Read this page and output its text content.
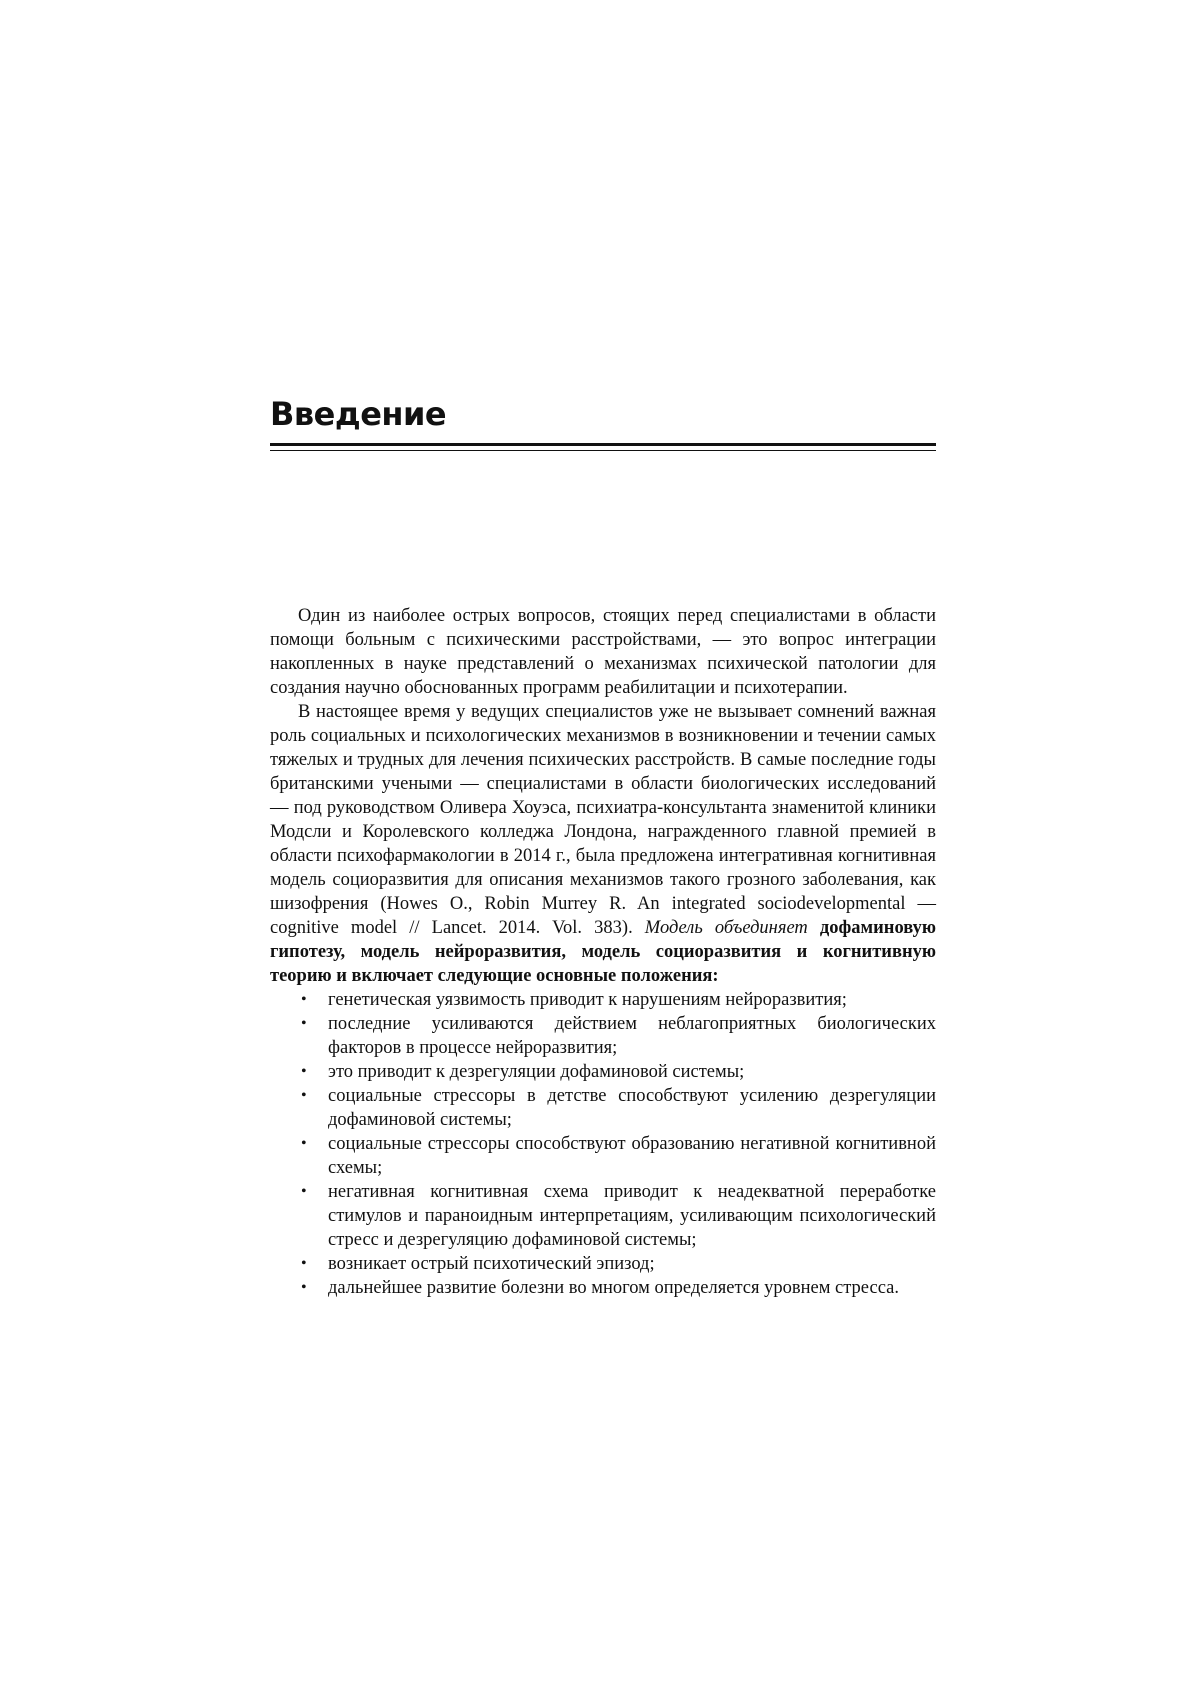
Введение

Один из наиболее острых вопросов, стоящих перед специалистами в области помощи больным с психическими расстройствами, — это вопрос интеграции накопленных в науке представлений о механизмах психической патологии для создания научно обоснованных программ реабилитации и психотерапии.

В настоящее время у ведущих специалистов уже не вызывает сомнений важная роль социальных и психологических механизмов в возникновении и течении самых тяжелых и трудных для лечения психических расстройств. В самые последние годы британскими учеными — специалистами в области биологических исследований — под руководством Оливера Хоуэса, психиатра-консультанта знаменитой клиники Модсли и Королевского колледжа Лондона, награжденного главной премией в области психофармакологии в 2014 г., была предложена интегративная когнитивная модель социоразвития для описания механизмов такого грозного заболевания, как шизофрения (Howes O., Robin Murrey R. An integrated sociodevelopmental — cognitive model // Lancet. 2014. Vol. 383). Модель объединяет дофаминовую гипотезу, модель нейроразвития, модель социоразвития и когнитивную теорию и включает следующие основные положения:

• генетическая уязвимость приводит к нарушениям нейроразвития;
• последние усиливаются действием неблагоприятных биологических факторов в процессе нейроразвития;
• это приводит к дезрегуляции дофаминовой системы;
• социальные стрессоры в детстве способствуют усилению дезрегуляции дофаминовой системы;
• социальные стрессоры способствуют образованию негативной когнитивной схемы;
• негативная когнитивная схема приводит к неадекватной переработке стимулов и параноидным интерпретациям, усиливающим психологический стресс и дезрегуляцию дофаминовой системы;
• возникает острый психотический эпизод;
• дальнейшее развитие болезни во многом определяется уровнем стресса.
